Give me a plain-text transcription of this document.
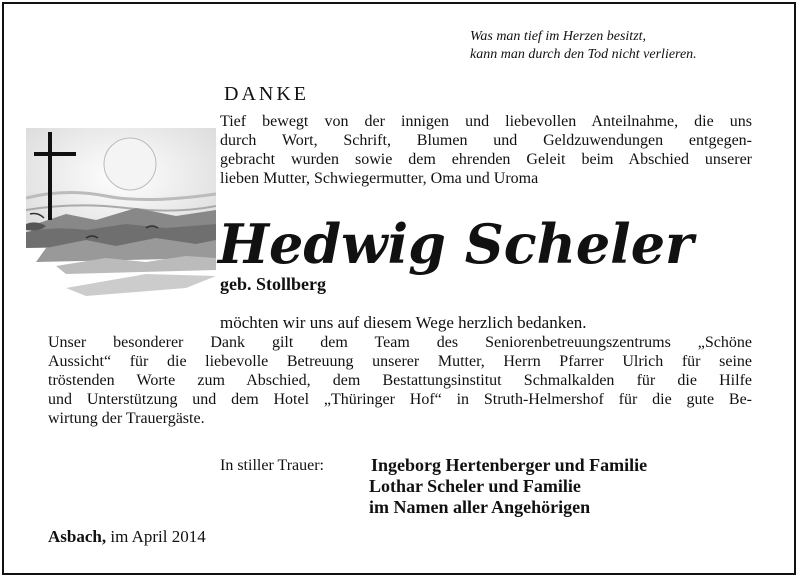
Was man tief im Herzen besitzt,
kann man durch den Tod nicht verlieren.
DANKE
Tief bewegt von der innigen und liebevollen Anteilnahme, die uns
durch Wort, Schrift, Blumen und Geldzuwendungen entgegen-
gebracht wurden sowie dem ehrenden Geleit beim Abschied unserer
lieben Mutter, Schwiegermutter, Oma und Uroma
Hedwig Scheler
geb. Stollberg
möchten wir uns auf diesem Wege herzlich bedanken.
Unser besonderer Dank gilt dem Team des Seniorenbetreuungszentrums „Schöne
Aussicht“ für die liebevolle Betreuung unserer Mutter, Herrn Pfarrer Ulrich für seine
tröstenden Worte zum Abschied, dem Bestattungsinstitut Schmalkalden für die Hilfe
und Unterstützung und dem Hotel „Thüringer Hof“ in Struth-Helmershof für die gute Be-
wirtung der Trauergäste.
In stiller Trauer:	Ingeborg Hertenberger und Familie
Lothar Scheler und Familie
im Namen aller Angehörigen
Asbach, im April 2014
